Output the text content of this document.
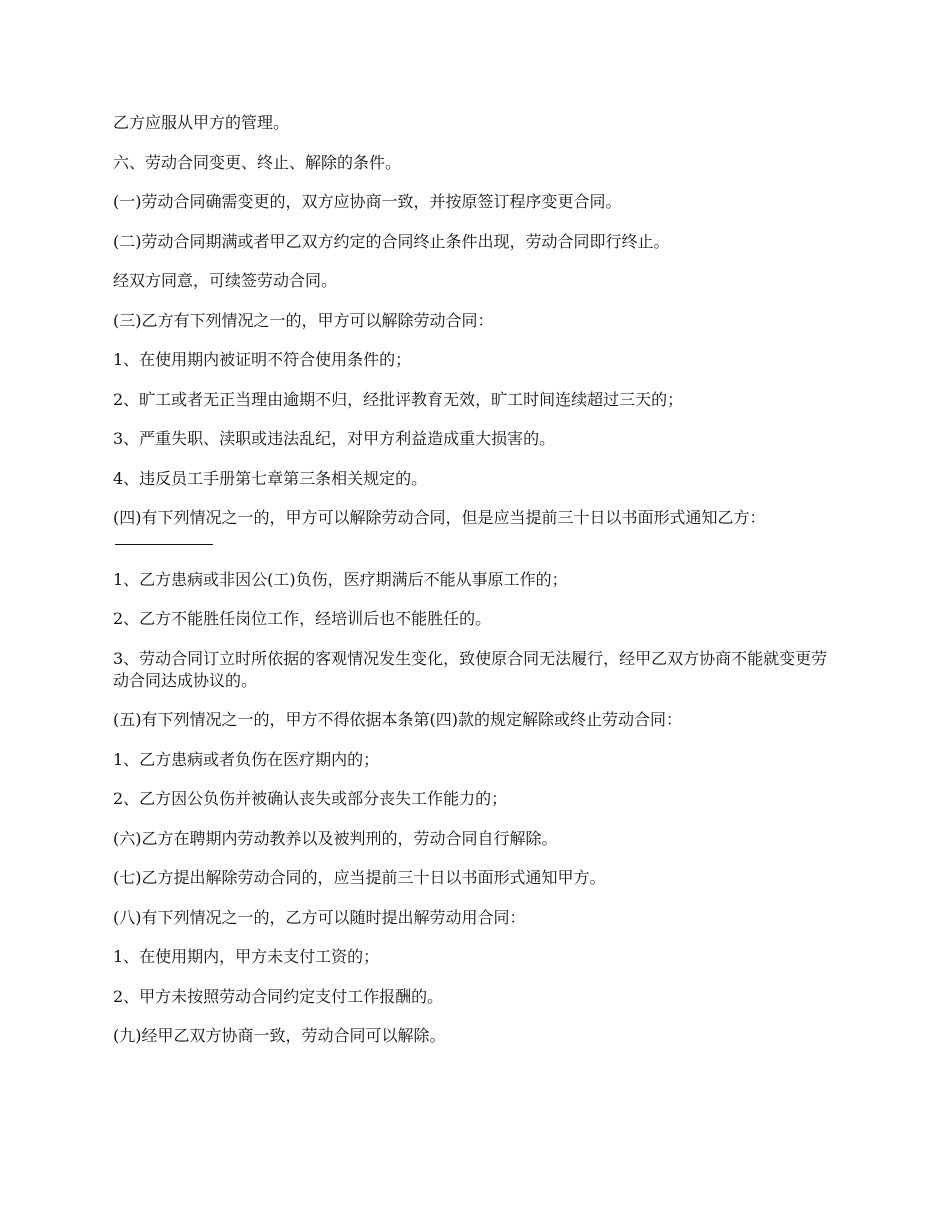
乙方应服从甲方的管理。

六、劳动合同变更、终止、解除的条件。

(一)劳动合同确需变更的，双方应协商一致，并按原签订程序变更合同。

(二)劳动合同期满或者甲乙双方约定的合同终止条件出现，劳动合同即行终止。

经双方同意，可续签劳动合同。

(三)乙方有下列情况之一的，甲方可以解除劳动合同：

1、在使用期内被证明不符合使用条件的；

2、旷工或者无正当理由逾期不归，经批评教育无效，旷工时间连续超过三天的；

3、严重失职、渎职或违法乱纪，对甲方利益造成重大损害的。

4、违反员工手册第七章第三条相关规定的。

(四)有下列情况之一的，甲方可以解除劳动合同，但是应当提前三十日以书面形式通知乙方：

1、乙方患病或非因公(工)负伤，医疗期满后不能从事原工作的；

2、乙方不能胜任岗位工作，经培训后也不能胜任的。

3、劳动合同订立时所依据的客观情况发生变化，致使原合同无法履行，经甲乙双方协商不能就变更劳动合同达成协议的。

(五)有下列情况之一的，甲方不得依据本条第(四)款的规定解除或终止劳动合同：

1、乙方患病或者负伤在医疗期内的；

2、乙方因公负伤并被确认丧失或部分丧失工作能力的；

(六)乙方在聘期内劳动教养以及被判刑的，劳动合同自行解除。

(七)乙方提出解除劳动合同的，应当提前三十日以书面形式通知甲方。

(八)有下列情况之一的，乙方可以随时提出解劳动用合同：

1、在使用期内，甲方未支付工资的；

2、甲方未按照劳动合同约定支付工作报酬的。

(九)经甲乙双方协商一致，劳动合同可以解除。
